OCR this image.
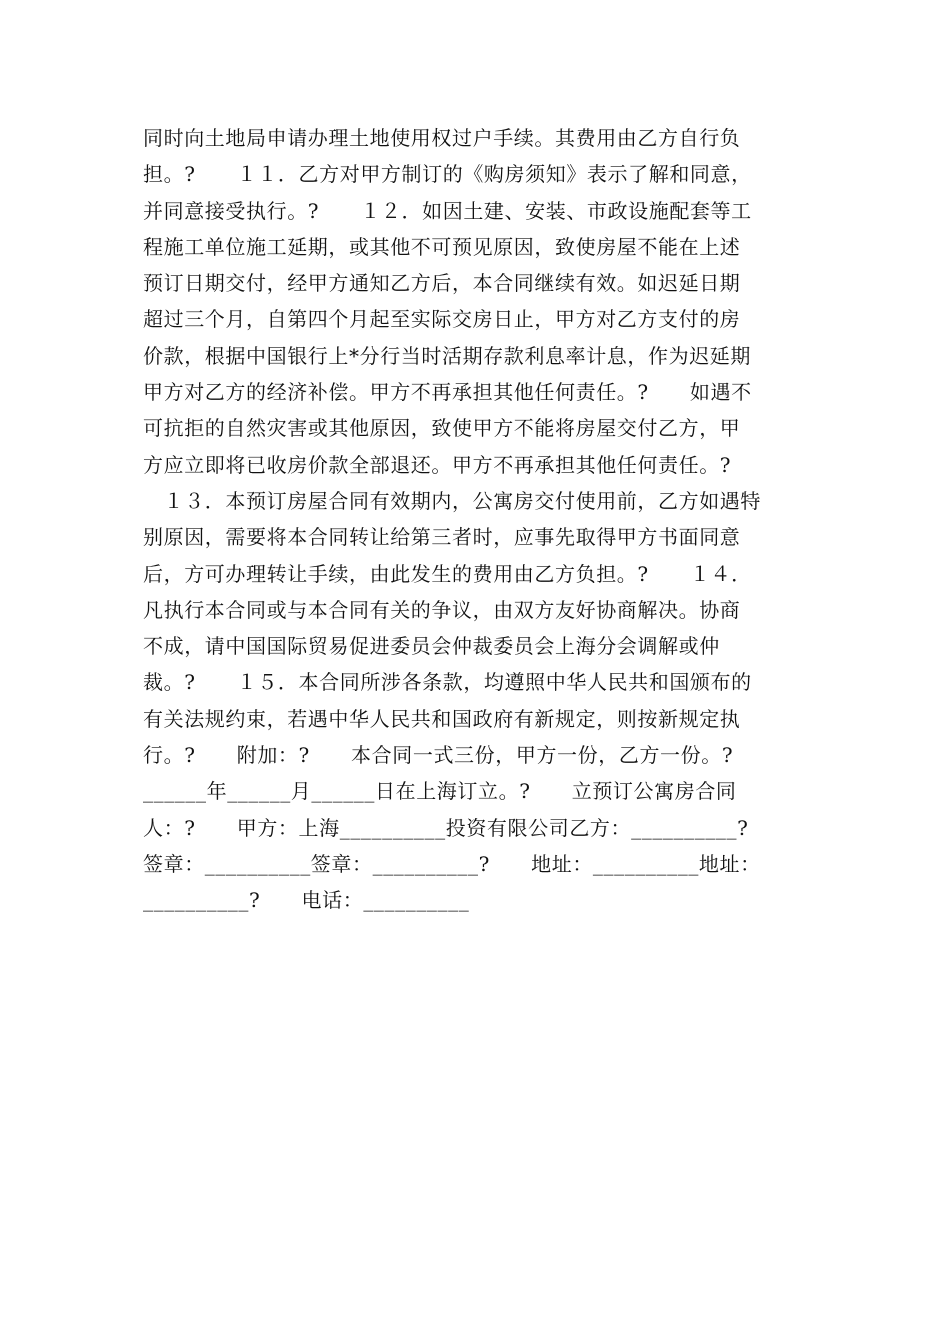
同时向土地局申请办理土地使用权过户手续。其费用由乙方自行负
担。?　　１１．乙方对甲方制订的《购房须知》表示了解和同意，
并同意接受执行。?　　１２．如因土建、安装、市政设施配套等工
程施工单位施工延期，或其他不可预见原因，致使房屋不能在上述
预订日期交付，经甲方通知乙方后，本合同继续有效。如迟延日期
超过三个月，自第四个月起至实际交房日止，甲方对乙方支付的房
价款，根据中国银行上*分行当时活期存款利息率计息，作为迟延期
甲方对乙方的经济补偿。甲方不再承担其他任何责任。?　　如遇不
可抗拒的自然灾害或其他原因，致使甲方不能将房屋交付乙方，甲
方应立即将已收房价款全部退还。甲方不再承担其他任何责任。?
　１３．本预订房屋合同有效期内，公寓房交付使用前，乙方如遇特
别原因，需要将本合同转让给第三者时，应事先取得甲方书面同意
后，方可办理转让手续，由此发生的费用由乙方负担。?　　１４．
凡执行本合同或与本合同有关的争议，由双方友好协商解决。协商
不成，请中国国际贸易促进委员会仲裁委员会上海分会调解或仲
裁。?　　１５．本合同所涉各条款，均遵照中华人民共和国颁布的
有关法规约束，若遇中华人民共和国政府有新规定，则按新规定执
行。?　　附加：?　　本合同一式三份，甲方一份，乙方一份。?
______年______月______日在上海订立。?　　立预订公寓房合同
人：?　　甲方：上海__________投资有限公司乙方：__________?
签章：__________签章：__________?　　地址：__________地址：
__________?　　电话：__________
